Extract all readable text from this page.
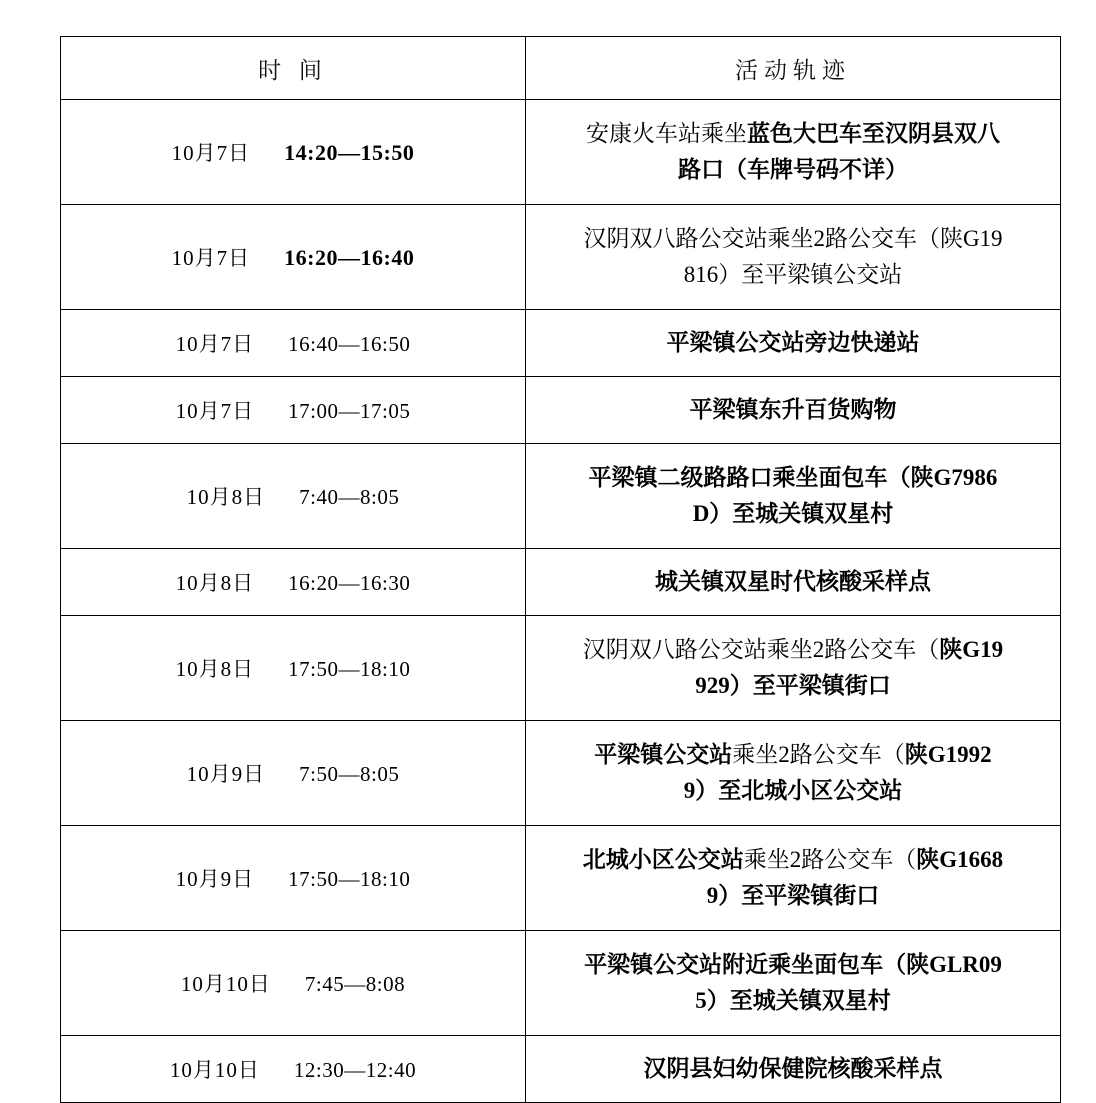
时 间	活动轨迹
10月7日 14:20—15:50	安康火车站乘坐蓝色大巴车至汉阴县双八
路口（车牌号码不详）

10月7日 16:20—16:40	汉阴双八路公交站乘坐2路公交车（陕G19
816）至平梁镇公交站

10月7日 16:40—16:50	平梁镇公交站旁边快递站

10月7日 17:00—17:05	平梁镇东升百货购物

10月8日 7:40—8:05	平梁镇二级路路口乘坐面包车（陕G7986
D）至城关镇双星村

10月8日 16:20—16:30	城关镇双星时代核酸采样点

10月8日 17:50—18:10	汉阴双八路公交站乘坐2路公交车（陕G19
929）至平梁镇街口

10月9日 7:50—8:05	平梁镇公交站乘坐2路公交车（陕G1992
9）至北城小区公交站

10月9日 17:50—18:10	北城小区公交站乘坐2路公交车（陕G1668
9）至平梁镇街口

10月10日 7:45—8:08	平梁镇公交站附近乘坐面包车（陕GLR09
5）至城关镇双星村

10月10日 12:30—12:40	汉阴县妇幼保健院核酸采样点
